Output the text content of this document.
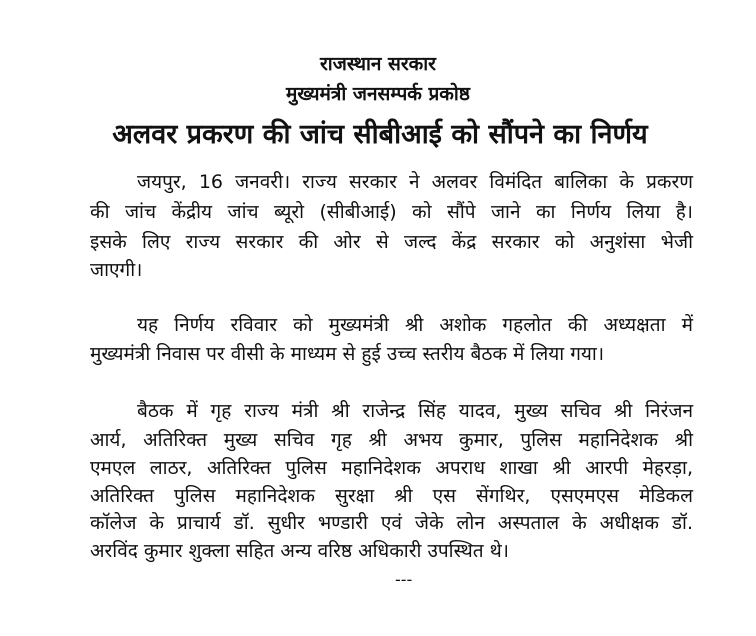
राजस्थान सरकार
मुख्यमंत्री जनसम्पर्क प्रकोष्ठ
अलवर प्रकरण की जांच सीबीआई को सौंपने का निर्णय
जयपुर, 16 जनवरी। राज्य सरकार ने अलवर विमंदित बालिका के प्रकरण
की जांच केंद्रीय जांच ब्यूरो (सीबीआई) को सौंपे जाने का निर्णय लिया है।
इसके लिए राज्य सरकार की ओर से जल्द केंद्र सरकार को अनुशंसा भेजी
जाएगी।
यह निर्णय रविवार को मुख्यमंत्री श्री अशोक गहलोत की अध्यक्षता में
मुख्यमंत्री निवास पर वीसी के माध्यम से हुई उच्च स्तरीय बैठक में लिया गया।
बैठक में गृह राज्य मंत्री श्री राजेन्द्र सिंह यादव, मुख्य सचिव श्री निरंजन
आर्य, अतिरिक्त मुख्य सचिव गृह श्री अभय कुमार, पुलिस महानिदेशक श्री
एमएल लाठर, अतिरिक्त पुलिस महानिदेशक अपराध शाखा श्री आरपी मेहरड़ा,
अतिरिक्त पुलिस महानिदेशक सुरक्षा श्री एस सेंगथिर, एसएमएस मेडिकल
कॉलेज के प्राचार्य डॉ. सुधीर भण्डारी एवं जेके लोन अस्पताल के अधीक्षक डॉ.
अरविंद कुमार शुक्ला सहित अन्य वरिष्ठ अधिकारी उपस्थित थे।
---
